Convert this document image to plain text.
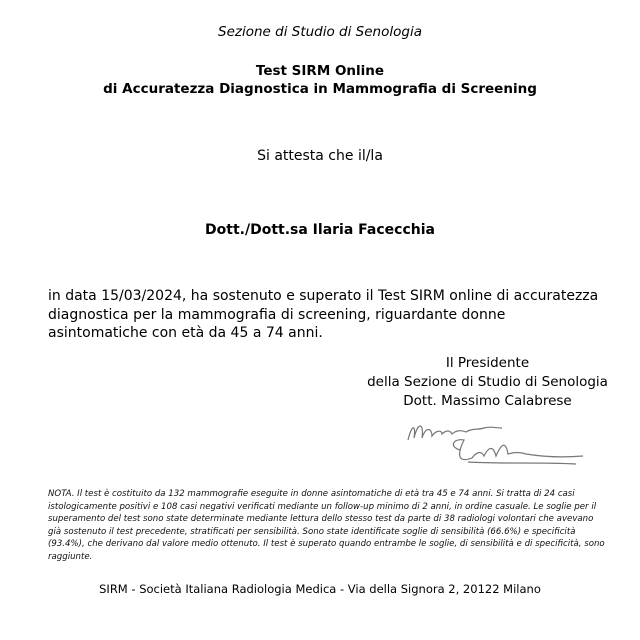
Sezione di Studio di Senologia
Test SIRM Online
di Accuratezza Diagnostica in Mammografia di Screening
Si attesta che il/la
Dott./Dott.sa Ilaria Facecchia
in data 15/03/2024, ha sostenuto e superato il Test SIRM online di accuratezza diagnostica per la mammografia di screening, riguardante donne asintomatiche con età da 45 a 74 anni.
Il Presidente
della Sezione di Studio di Senologia
Dott. Massimo Calabrese
NOTA. Il test è costituito da 132 mammografie eseguite in donne asintomatiche di età tra 45 e 74 anni. Si tratta di 24 casi istologicamente positivi e 108 casi negativi verificati mediante un follow-up minimo di 2 anni, in ordine casuale. Le soglie per il superamento del test sono state determinate mediante lettura dello stesso test da parte di 38 radiologi volontari che avevano già sostenuto il test precedente, stratificati per sensibilità. Sono state identificate soglie di sensibilità (66.6%) e specificità (93.4%), che derivano dal valore medio ottenuto. Il test è superato quando entrambe le soglie, di sensibilità e di specificità, sono raggiunte.
SIRM - Società Italiana Radiologia Medica - Via della Signora 2, 20122 Milano
